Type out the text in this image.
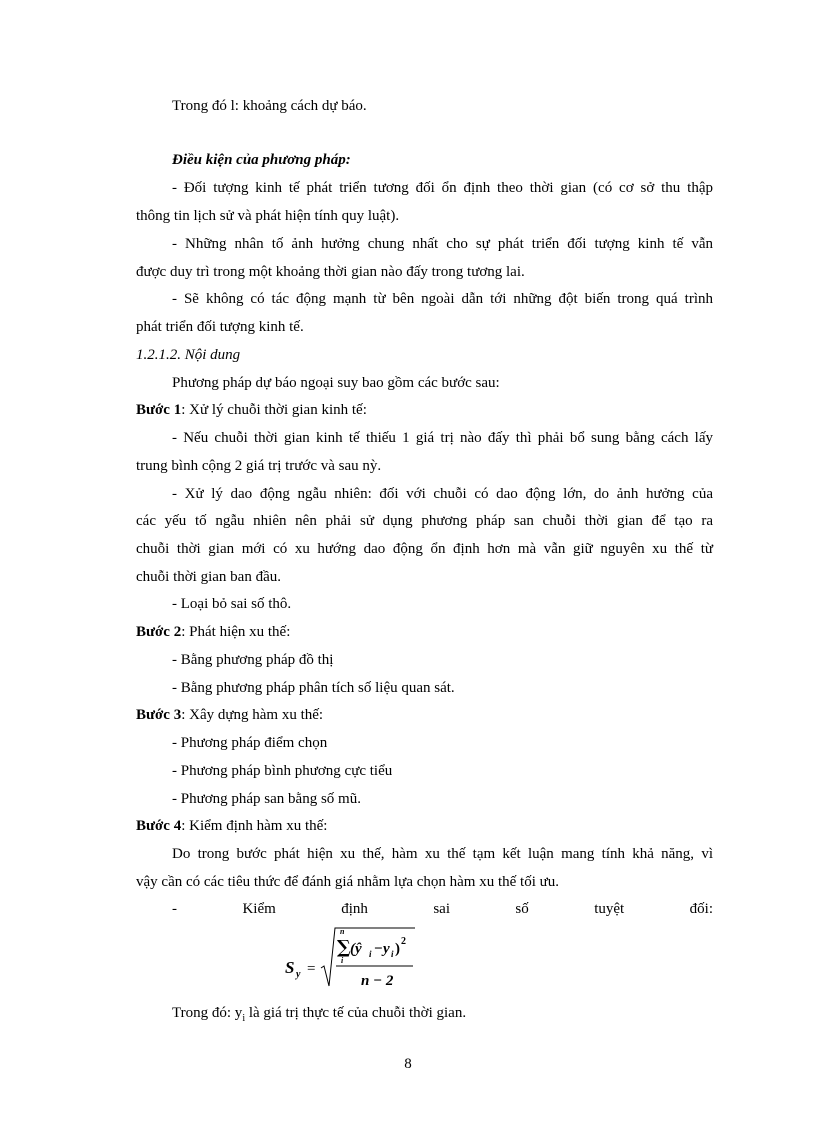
Trong đó l: khoảng cách dự báo.
Điều kiện của phương pháp:
- Đối tượng kinh tế phát triển tương đối ổn định theo thời gian (có cơ sở thu thập
thông tin lịch sử và phát hiện tính quy luật).
- Những nhân tố ảnh hưởng chung nhất cho sự phát triển đối tượng kinh tế vẫn
được duy trì trong một khoảng thời gian nào đấy trong tương lai.
- Sẽ không có tác động mạnh từ bên ngoài dẫn tới những đột biến trong quá trình
phát triển đối tượng kinh tế.
1.2.1.2. Nội dung
Phương pháp dự báo ngoại suy bao gồm các bước sau:
Bước 1: Xử lý chuỗi thời gian kinh tế:
- Nếu chuỗi thời gian kinh tế thiếu 1 giá trị nào đấy thì phải bổ sung bằng cách lấy
trung bình cộng 2 giá trị trước và sau nỳ.
- Xử lý dao động ngẫu nhiên: đối với chuỗi có dao động lớn, do ảnh hưởng của
các yếu tố ngẫu nhiên nên phải sử dụng phương pháp san chuỗi thời gian để tạo ra
chuỗi thời gian mới có xu hướng dao động ổn định hơn mà vẫn giữ nguyên xu thế từ
chuỗi thời gian ban đầu.
- Loại bỏ sai số thô.
Bước 2: Phát hiện xu thế:
- Bằng phương pháp đồ thị
- Bằng phương pháp phân tích số liệu quan sát.
Bước 3: Xây dựng hàm xu thế:
- Phương pháp điểm chọn
- Phương pháp bình phương cực tiểu
- Phương pháp san bằng số mũ.
Bước 4: Kiểm định hàm xu thế:
Do trong bước phát hiện xu thế, hàm xu thế tạm kết luận mang tính khả năng, vì
vậy cần có các tiêu thức để đánh giá nhằm lựa chọn hàm xu thế tối ưu.
- Kiểm định sai số tuyệt đối:
S y =
n
∑
i
(ŷ i − y i ) 2
n − 2
Trong đó: $y_i$ là giá trị thực tế của chuỗi thời gian.
8
